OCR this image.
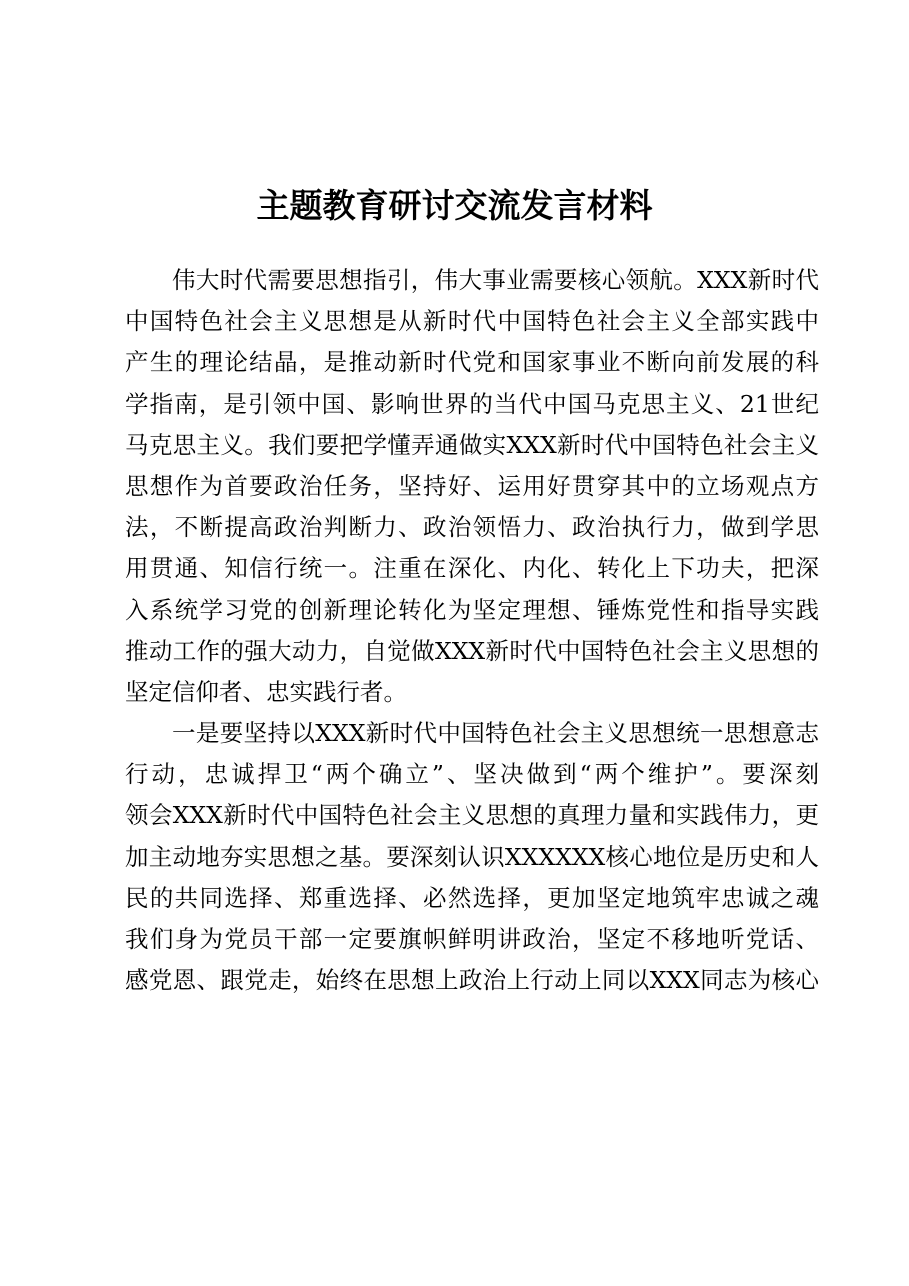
主题教育研讨交流发言材料
伟大时代需要思想指引，伟大事业需要核心领航。XXX新时代
中国特色社会主义思想是从新时代中国特色社会主义全部实践中
产生的理论结晶，是推动新时代党和国家事业不断向前发展的科
学指南，是引领中国、影响世界的当代中国马克思主义、21世纪
马克思主义。我们要把学懂弄通做实XXX新时代中国特色社会主义
思想作为首要政治任务，坚持好、运用好贯穿其中的立场观点方
法，不断提高政治判断力、政治领悟力、政治执行力，做到学思
用贯通、知信行统一。注重在深化、内化、转化上下功夫，把深
入系统学习党的创新理论转化为坚定理想、锤炼党性和指导实践
推动工作的强大动力，自觉做XXX新时代中国特色社会主义思想的
坚定信仰者、忠实践行者。
一是要坚持以XXX新时代中国特色社会主义思想统一思想意志
行动，忠诚捍卫“两个确立”、坚决做到“两个维护”。要深刻
领会XXX新时代中国特色社会主义思想的真理力量和实践伟力，更
加主动地夯实思想之基。要深刻认识XXXXXX核心地位是历史和人
民的共同选择、郑重选择、必然选择，更加坚定地筑牢忠诚之魂
我们身为党员干部一定要旗帜鲜明讲政治，坚定不移地听党话、
感党恩、跟党走，始终在思想上政治上行动上同以XXX同志为核心
